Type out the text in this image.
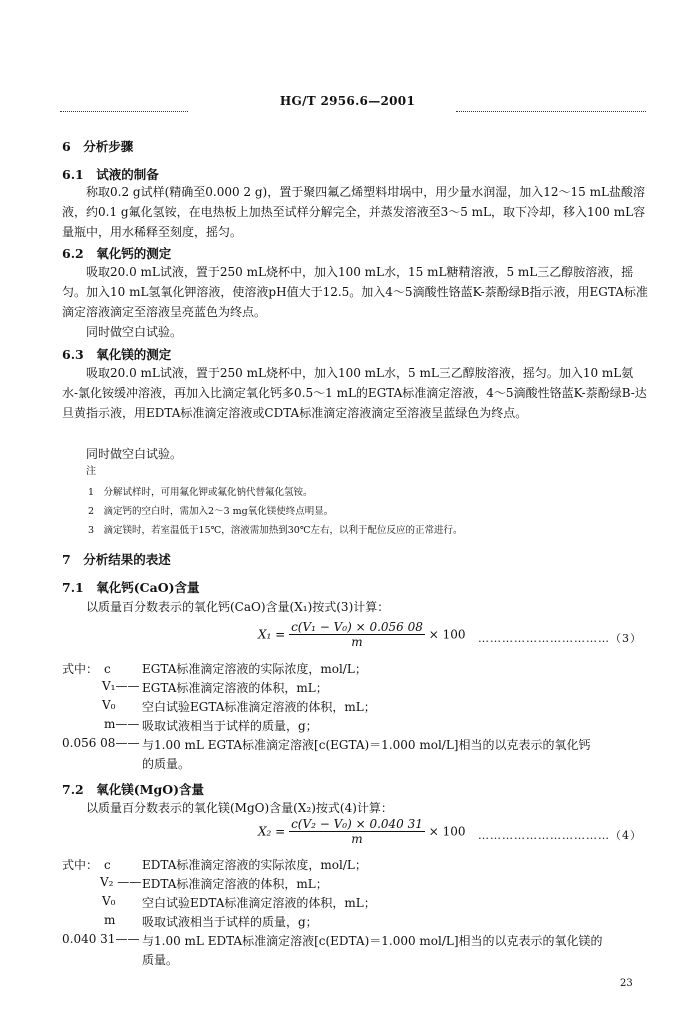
HG/T 2956.6—2001
6　分析步骤
6.1　试液的制备
称取0.2 g试样(精确至0.000 2 g)，置于聚四氟乙烯塑料坩埚中，用少量水润湿，加入12～15 mL盐酸溶液，约0.1 g氟化氢铵，在电热板上加热至试样分解完全，并蒸发溶液至3～5 mL，取下冷却，移入100 mL容量瓶中，用水稀释至刻度，摇匀。
6.2　氧化钙的测定
吸取20.0 mL试液，置于250 mL烧杯中，加入100 mL水，15 mL糖精溶液，5 mL三乙醇胺溶液，摇匀。加入10 mL氢氧化钾溶液，使溶液pH值大于12.5。加入4～5滴酸性铬蓝K-萘酚绿B指示液，用EGTA标准滴定溶液滴定至溶液呈亮蓝色为终点。
同时做空白试验。
6.3　氧化镁的测定
吸取20.0 mL试液，置于250 mL烧杯中，加入100 mL水，5 mL三乙醇胺溶液，摇匀。加入10 mL氨水-氯化铵缓冲溶液，再加入比滴定氧化钙多0.5～1 mL的EGTA标准滴定溶液，4～5滴酸性铬蓝K-萘酚绿B-达旦黄指示液，用EDTA标准滴定溶液或CDTA标准滴定溶液滴定至溶液呈蓝绿色为终点。
同时做空白试验。
注
1　分解试样时，可用氟化钾或氟化钠代替氟化氢铵。
2　滴定钙的空白时，需加入2～3 mg氧化镁使终点明显。
3　滴定镁时，若室温低于15℃，溶液需加热到30℃左右，以利于配位反应的正常进行。
7　分析结果的表述
7.1　氧化钙(CaO)含量
以质量百分数表示的氧化钙(CaO)含量(X₁)按式(3)计算：
$X_1 = \frac{\text{c(V₁ − V₀) × 0.056 08}}{m} \times 100$ ……………………………（3）
式中：　c	EGTA标准滴定溶液的实际浓度，mol/L；
V₁—— EGTA标准滴定溶液的体积，mL；
V₀ 空白试验EGTA标准滴定溶液的体积，mL；
m—— 吸取试液相当于试样的质量，g；
0.056 08—— 与1.00 mL EGTA标准滴定溶液[c(EGTA)＝1.000 mol/L]相当的以克表示的氧化钙
的质量。
7.2　氧化镁(MgO)含量
以质量百分数表示的氧化镁(MgO)含量(X₂)按式(4)计算：
$X_2 = \frac{\text{c(V₂ − V₀) × 0.040 31}}{m} \times 100$ ……………………………（4）
式中：　c	EDTA标准滴定溶液的实际浓度，mol/L；
V₂ —— EDTA标准滴定溶液的体积，mL；
V₀ 空白试验EDTA标准滴定溶液的体积，mL；
m 吸取试液相当于试样的质量，g；
0.040 31—— 与1.00 mL EDTA标准滴定溶液[c(EDTA)＝1.000 mol/L]相当的以克表示的氧化镁的
质量。
23
